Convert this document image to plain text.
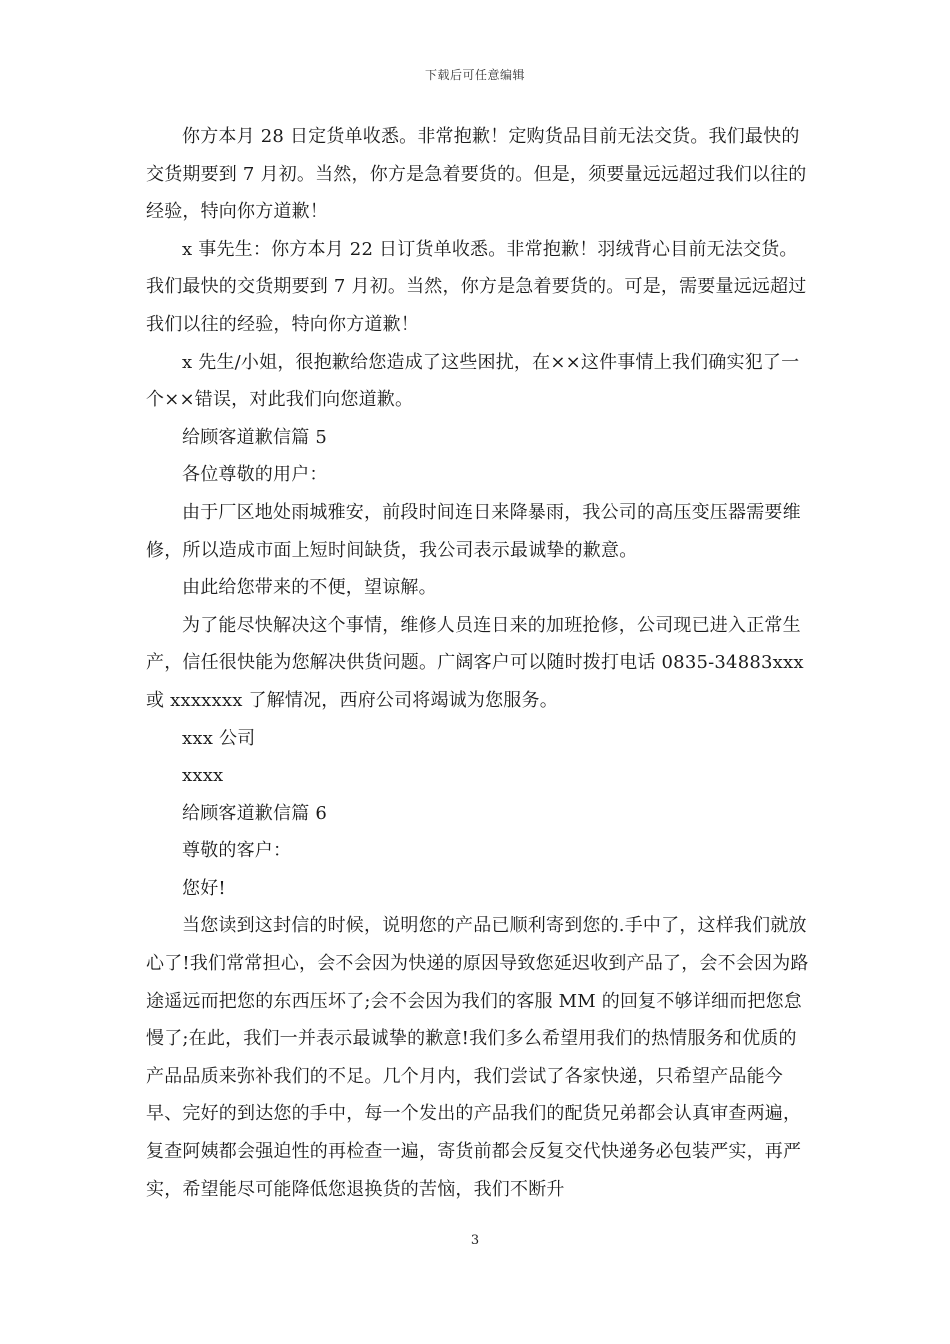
下载后可任意编辑

你方本月 28 日定货单收悉。非常抱歉！定购货品目前无法交货。我们最快的交货期要到 7 月初。当然，你方是急着要货的。但是，须要量远远超过我们以往的经验，特向你方道歉！

x 事先生：你方本月 22 日订货单收悉。非常抱歉！羽绒背心目前无法交货。我们最快的交货期要到 7 月初。当然，你方是急着要货的。可是，需要量远远超过我们以往的经验，特向你方道歉！

x 先生/小姐，很抱歉给您造成了这些困扰，在××这件事情上我们确实犯了一个××错误，对此我们向您道歉。

给顾客道歉信篇 5

各位尊敬的用户：

由于厂区地处雨城雅安，前段时间连日来降暴雨，我公司的高压变压器需要维修，所以造成市面上短时间缺货，我公司表示最诚挚的歉意。

由此给您带来的不便，望谅解。

为了能尽快解决这个事情，维修人员连日来的加班抢修，公司现已进入正常生产，信任很快能为您解决供货问题。广阔客户可以随时拨打电话 0835-34883xxx 或 xxxxxxx 了解情况，西府公司将竭诚为您服务。

xxx 公司

xxxx

给顾客道歉信篇 6

尊敬的客户：

您好!

当您读到这封信的时候，说明您的产品已顺利寄到您的.手中了，这样我们就放心了!我们常常担心，会不会因为快递的原因导致您延迟收到产品了，会不会因为路途遥远而把您的东西压坏了;会不会因为我们的客服 MM 的回复不够详细而把您怠慢了;在此，我们一并表示最诚挚的歉意!我们多么希望用我们的热情服务和优质的产品品质来弥补我们的不足。几个月内，我们尝试了各家快递，只希望产品能今早、完好的到达您的手中，每一个发出的产品我们的配货兄弟都会认真审查两遍，复查阿姨都会强迫性的再检查一遍，寄货前都会反复交代快递务必包装严实，再严实，希望能尽可能降低您退换货的苦恼，我们不断升

3
